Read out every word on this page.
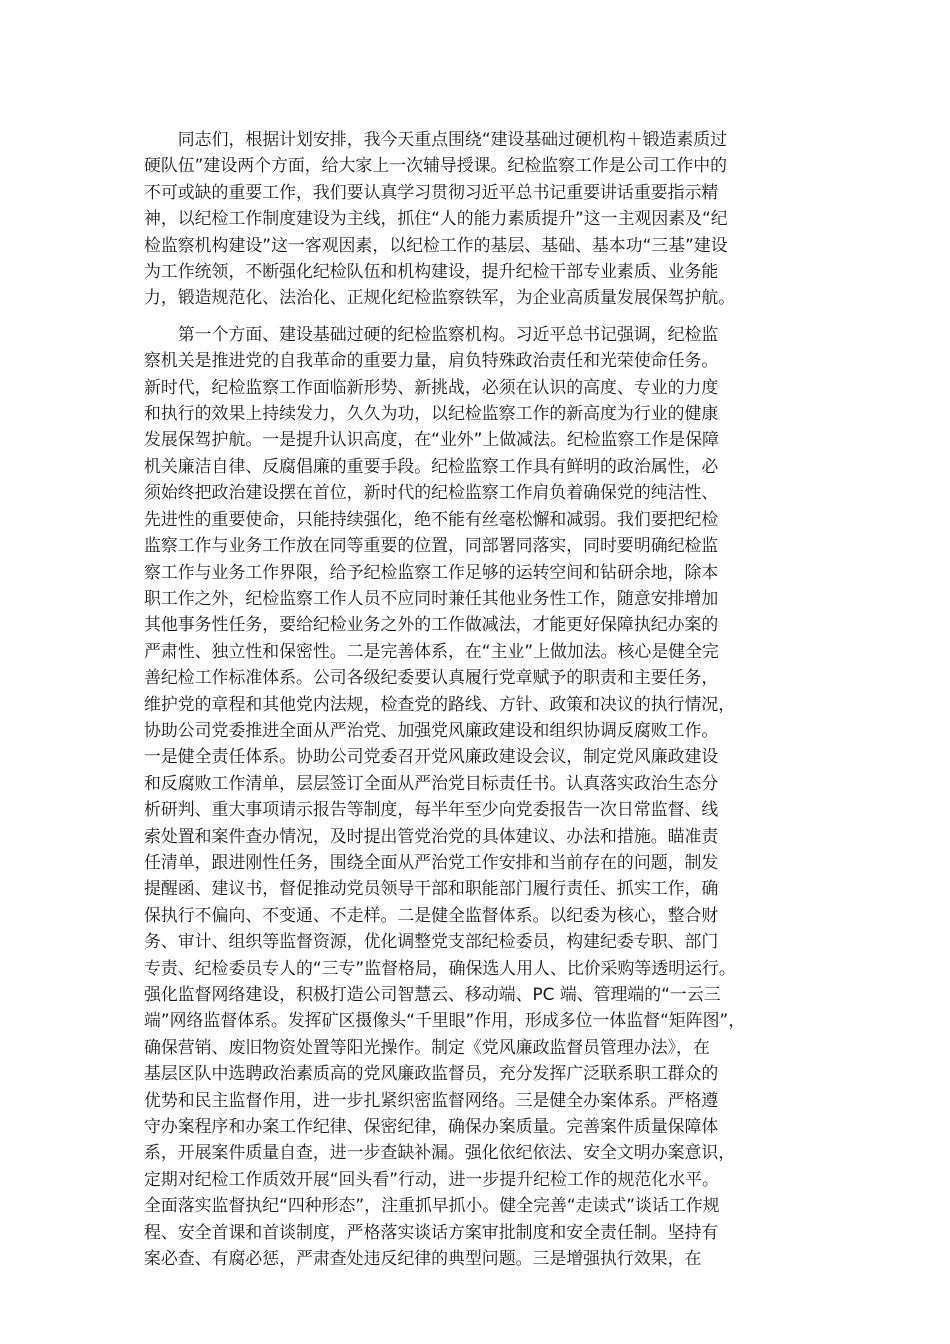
同志们，根据计划安排，我今天重点围绕“建设基础过硬机构＋锻造素质过
硬队伍”建设两个方面，给大家上一次辅导授课。纪检监察工作是公司工作中的
不可或缺的重要工作，我们要认真学习贯彻习近平总书记重要讲话重要指示精
神，以纪检工作制度建设为主线，抓住“人的能力素质提升”这一主观因素及“纪
检监察机构建设”这一客观因素，以纪检工作的基层、基础、基本功“三基”建设
为工作统领，不断强化纪检队伍和机构建设，提升纪检干部专业素质、业务能
力，锻造规范化、法治化、正规化纪检监察铁军，为企业高质量发展保驾护航。
第一个方面、建设基础过硬的纪检监察机构。习近平总书记强调，纪检监
察机关是推进党的自我革命的重要力量，肩负特殊政治责任和光荣使命任务。
新时代，纪检监察工作面临新形势、新挑战，必须在认识的高度、专业的力度
和执行的效果上持续发力，久久为功，以纪检监察工作的新高度为行业的健康
发展保驾护航。一是提升认识高度，在“业外”上做减法。纪检监察工作是保障
机关廉洁自律、反腐倡廉的重要手段。纪检监察工作具有鲜明的政治属性，必
须始终把政治建设摆在首位，新时代的纪检监察工作肩负着确保党的纯洁性、
先进性的重要使命，只能持续强化，绝不能有丝毫松懈和减弱。我们要把纪检
监察工作与业务工作放在同等重要的位置，同部署同落实，同时要明确纪检监
察工作与业务工作界限，给予纪检监察工作足够的运转空间和钻研余地，除本
职工作之外，纪检监察工作人员不应同时兼任其他业务性工作，随意安排增加
其他事务性任务，要给纪检业务之外的工作做减法，才能更好保障执纪办案的
严肃性、独立性和保密性。二是完善体系，在“主业”上做加法。核心是健全完
善纪检工作标准体系。公司各级纪委要认真履行党章赋予的职责和主要任务，
维护党的章程和其他党内法规，检查党的路线、方针、政策和决议的执行情况，
协助公司党委推进全面从严治党、加强党风廉政建设和组织协调反腐败工作。
一是健全责任体系。协助公司党委召开党风廉政建设会议，制定党风廉政建设
和反腐败工作清单，层层签订全面从严治党目标责任书。认真落实政治生态分
析研判、重大事项请示报告等制度，每半年至少向党委报告一次日常监督、线
索处置和案件查办情况，及时提出管党治党的具体建议、办法和措施。瞄准责
任清单，跟进刚性任务，围绕全面从严治党工作安排和当前存在的问题，制发
提醒函、建议书，督促推动党员领导干部和职能部门履行责任、抓实工作，确
保执行不偏向、不变通、不走样。二是健全监督体系。以纪委为核心，整合财
务、审计、组织等监督资源，优化调整党支部纪检委员，构建纪委专职、部门
专责、纪检委员专人的“三专”监督格局，确保选人用人、比价采购等透明运行。
强化监督网络建设，积极打造公司智慧云、移动端、PC 端、管理端的“一云三
端”网络监督体系。发挥矿区摄像头“千里眼”作用，形成多位一体监督“矩阵图”，
确保营销、废旧物资处置等阳光操作。制定《党风廉政监督员管理办法》，在
基层区队中选聘政治素质高的党风廉政监督员，充分发挥广泛联系职工群众的
优势和民主监督作用，进一步扎紧织密监督网络。三是健全办案体系。严格遵
守办案程序和办案工作纪律、保密纪律，确保办案质量。完善案件质量保障体
系，开展案件质量自查，进一步查缺补漏。强化依纪依法、安全文明办案意识，
定期对纪检工作质效开展“回头看”行动，进一步提升纪检工作的规范化水平。
全面落实监督执纪“四种形态”，注重抓早抓小。健全完善“走读式”谈话工作规
程、安全首课和首谈制度，严格落实谈话方案审批制度和安全责任制。坚持有
案必查、有腐必惩，严肃查处违反纪律的典型问题。三是增强执行效果，在
